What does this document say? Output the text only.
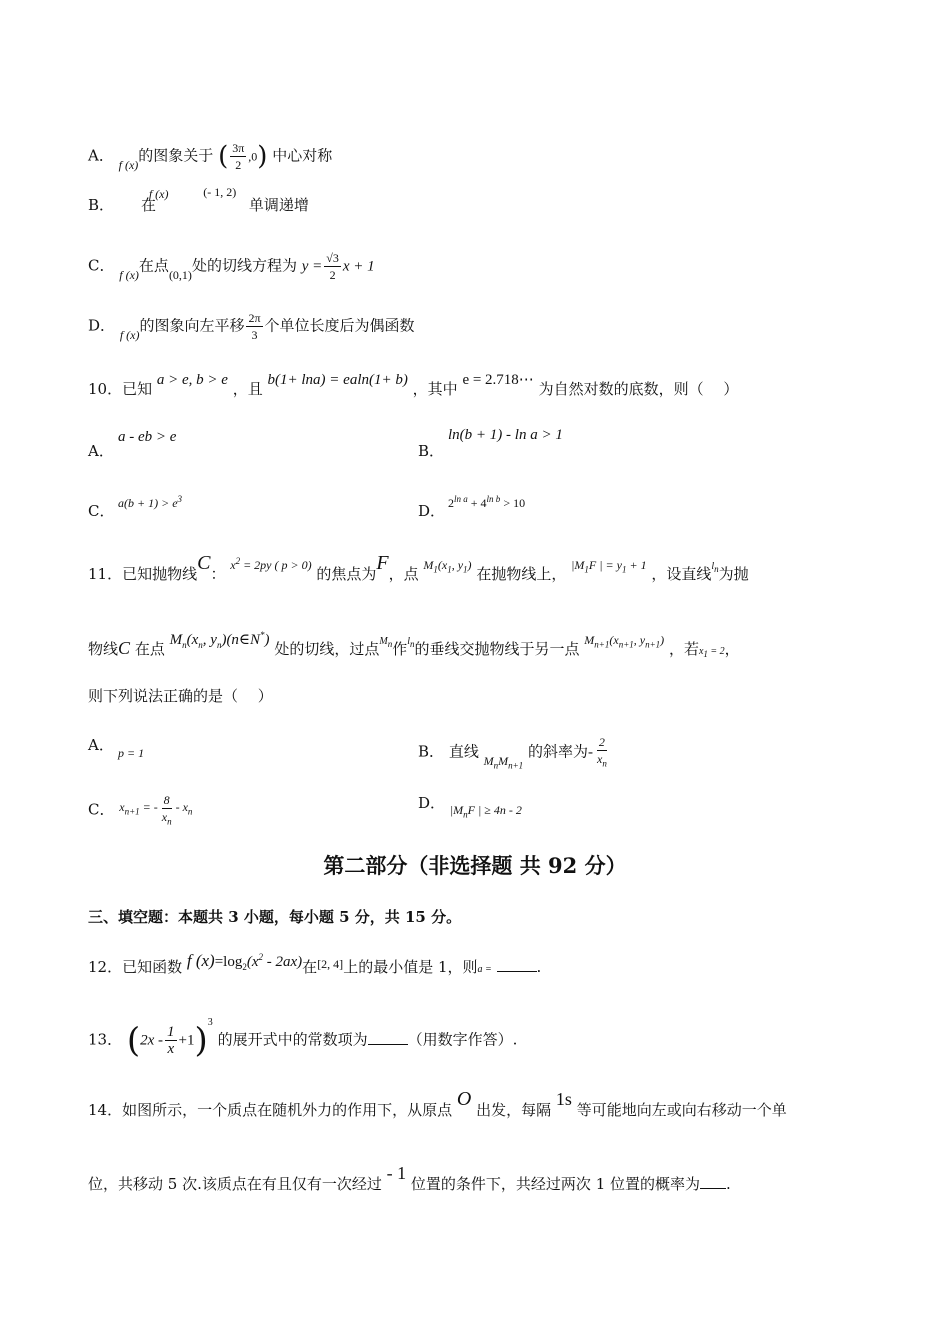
A． $_{f (x)}$的图象关于 ( $\frac{3\pi}{2} ,0$) 中心对称
B． $^{f (x)}$	$^{(- 1, 2)}$ 在	单调递增
C． $_{f (x)}$在点$_{(0,1)}$处的切线方程为 $y = \frac{√3}{2}$ x + 1
D． $_{f (x)}$的图象向左平移 $\frac{2\pi}{3}$ 个单位长度后为偶函数
10．已知 a > e, b > e ，且 b(1+ lna) = ealn(1+ b) ，其中 e = 2.718⋯ 为自然对数的底数，则（　 ）
A．
a - eb > e
B．
ln(b + 1) - ln a > 1
C． $a(b + 1) > e^3$
D． $2^{ln a} + 4^{ln b} > 10$
11．已知抛物线C： $^{x^2 = 2py ( p > 0)}$ 的焦点为F，点 $^{M_1(x_1, y_1)}$ 在抛物线上， $^{|M_1F | = y_1 + 1}$ ，设直线$^{l_n}$为抛
物线C 在点 $M_n(x_n$, $y_n)(n\in N^*)$ 处的切线，过点$^{M_n}$作$^{l_n}$的垂线交抛物线于另一点 $^{M_{n+1}(x_{n+1}, y_{n+1})}$ ，若$x_1 = 2$，
则下列说法正确的是（　 ）
A． p = 1	B． 直线 $_{M_nM_{n+1}}$ 的斜率为- $\frac{2}{x_n}$
C． $^{x_{n+1} = -} \frac{8}{x_n} ^{- x_n}$	D． $_{|M_nF | \ge 4n - 2}$
第二部分（非选择题 共 92 分）
三、填空题：本题共 3 小题，每小题 5 分，共 15 分。
12．已知函数 f $(x)=\log_2(x^2 - 2ax)$在[2, 4]上的最小值是 1，则a =	.
13． $(2x - \frac{1}{x} +1)^3$ 的展开式中的常数项为	（用数字作答）.
14．如图所示，一个质点在随机外力的作用下，从原点 O 出发，每隔 1s 等可能地向左或向右移动一个单
位，共移动 5 次.该质点在有且仅有一次经过 - 1 位置的条件下，共经过两次 1 位置的概率为 .
